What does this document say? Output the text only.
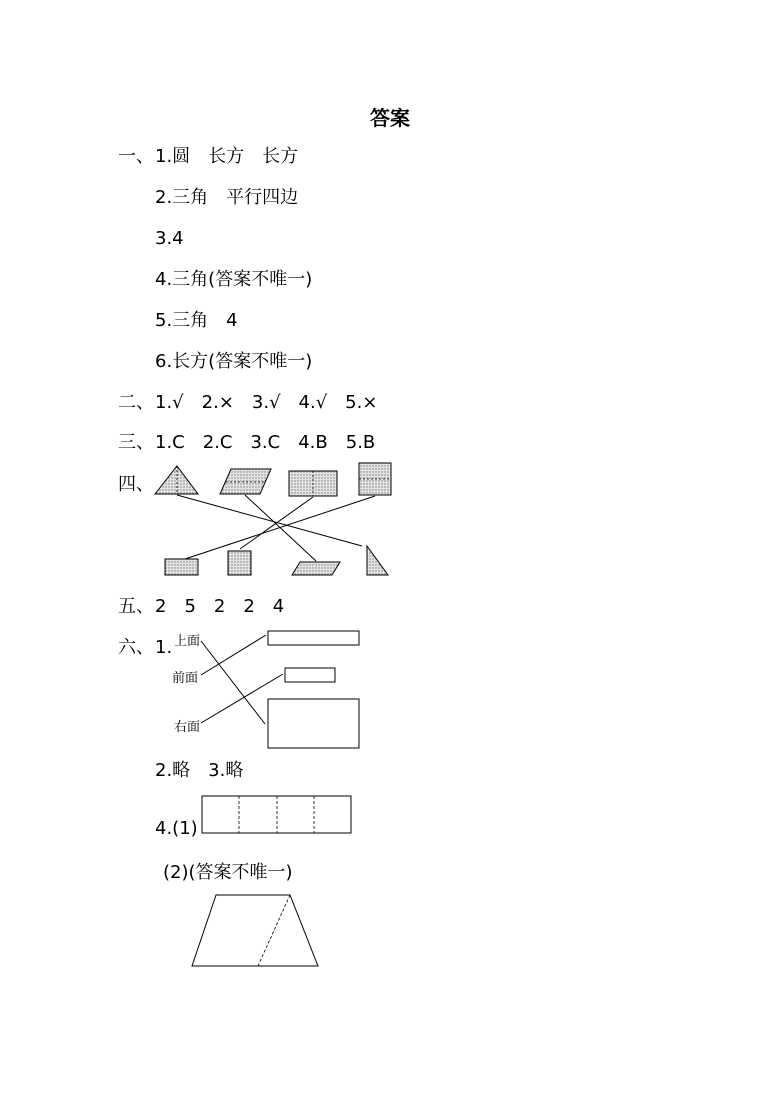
答案
一、 1.圆　长方　长方
2.三角　平行四边
3.4
4.三角(答案不唯一)
5.三角　4
6.长方(答案不唯一)
二、 1.√　2.×　3.√　4.√　5.×
三、 1.C　2.C　3.C　4.B　5.B
四、
五、 2　5　2　2　4
六、 1. 上面
前面
右面
2.略　3.略
4.(1)
(2)(答案不唯一)
